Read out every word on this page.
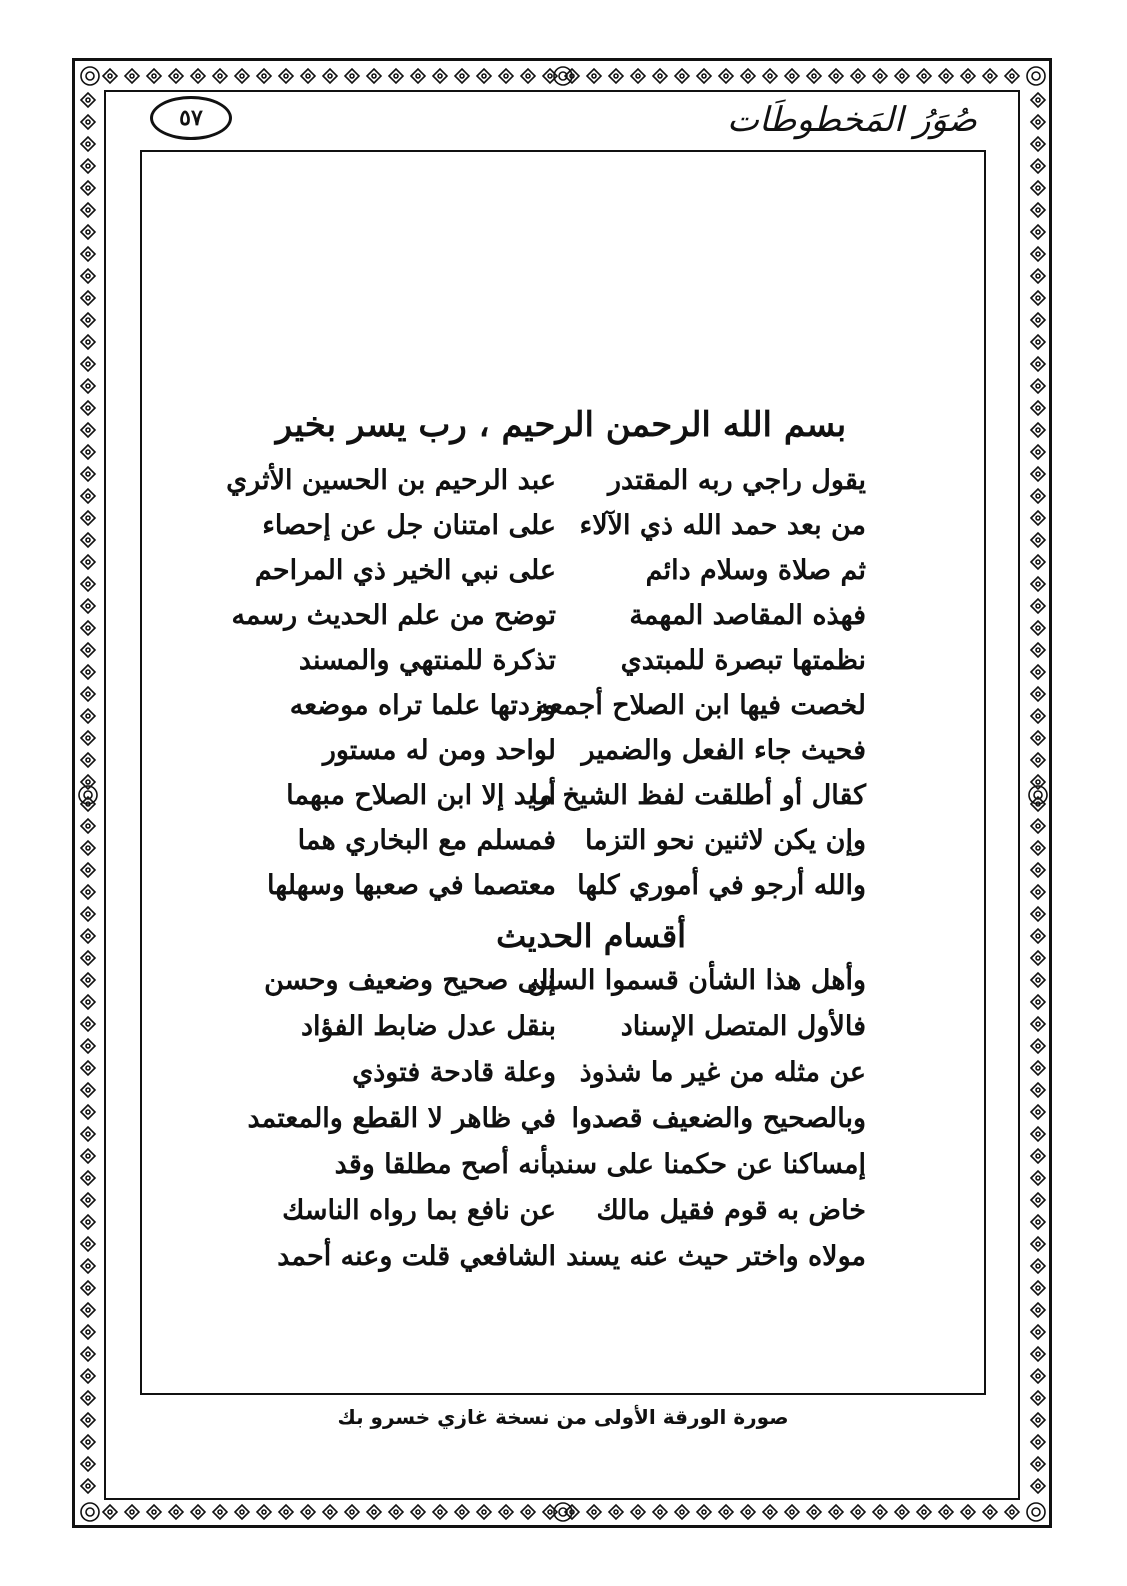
٥٧	صُوَرُ المَخطوطَات
بسم الله الرحمن الرحيم ، رب يسر بخير
يقول راجي ربه المقتدر
عبد الرحيم بن الحسين الأثري
من بعد حمد الله ذي الآلاء
على امتنان جل عن إحصاء
ثم صلاة وسلام دائم
على نبي الخير ذي المراحم
فهذه المقاصد المهمة
توضح من علم الحديث رسمه
نظمتها تبصرة للمبتدي
تذكرة للمنتهي والمسند
لخصت فيها ابن الصلاح أجمعه
وزدتها علما تراه موضعه
فحيث جاء الفعل والضمير
لواحد ومن له مستور
كقال أو أطلقت لفظ الشيخ ما
أريد إلا ابن الصلاح مبهما
وإن يكن لاثنين نحو التزما
فمسلم مع البخاري هما
والله أرجو في أموري كلها
معتصما في صعبها وسهلها
أقسام الحديث
وأهل هذا الشأن قسموا السنن
إلى صحيح وضعيف وحسن
فالأول المتصل الإسناد
بنقل عدل ضابط الفؤاد
عن مثله من غير ما شذوذ
وعلة قادحة فتوذي
وبالصحيح والضعيف قصدوا
في ظاهر لا القطع والمعتمد
إمساكنا عن حكمنا على سند
بأنه أصح مطلقا وقد
خاض به قوم فقيل مالك
عن نافع بما رواه الناسك
مولاه واختر حيث عنه يسند
الشافعي قلت وعنه أحمد
صورة الورقة الأولى من نسخة غازي خسرو بك
